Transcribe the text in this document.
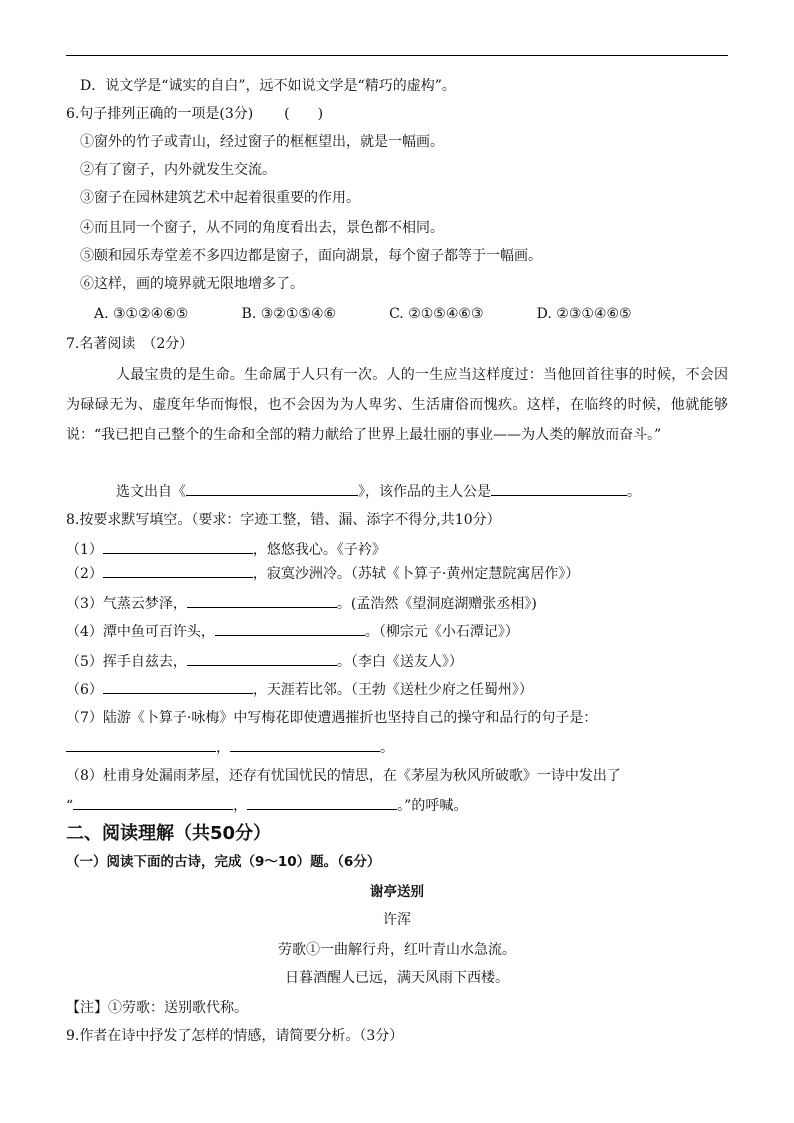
D．说文学是“诚实的自白”，远不如说文学是“精巧的虚构”。
6.句子排列正确的一项是(3分) (　　)
①窗外的竹子或青山，经过窗子的框框望出，就是一幅画。
②有了窗子，内外就发生交流。
③窗子在园林建筑艺术中起着很重要的作用。
④而且同一个窗子，从不同的角度看出去，景色都不相同。
⑤颐和园乐寿堂差不多四边都是窗子，面向湖景，每个窗子都等于一幅画。
⑥这样，画的境界就无限地增多了。
A. ③①②④⑥⑤	B. ③②①⑤④⑥	C. ②①⑤④⑥③	D. ②③①④⑥⑤
7.名著阅读　（2分）
人最宝贵的是生命。生命属于人只有一次。人的一生应当这样度过：当他回首往事的时候，不会因为碌碌无为、虚度年华而悔恨，也不会因为为人卑劣、生活庸俗而愧疚。这样，在临终的时候，他就能够说：“我已把自己整个的生命和全部的精力献给了世界上最壮丽的事业——为人类的解放而奋斗。”
选文出自《	》，该作品的主人公是	。
8.按要求默写填空。（要求：字迹工整，错、漏、添字不得分,共10分）
（1）	，悠悠我心。《子衿》
（2）	，寂寞沙洲冷。（苏轼《卜算子·黄州定慧院寓居作》）
（3）气蒸云梦泽，	。(孟浩然《望洞庭湖赠张丞相》)
（4）潭中鱼可百许头，	。（柳宗元《小石潭记》）
（5）挥手自兹去，	。（李白《送友人》）
（6）	，天涯若比邻。（王勃《送杜少府之任蜀州》）
（7）陆游《卜算子·咏梅》中写梅花即使遭遇摧折也坚持自己的操守和品行的句子是：
，	。
（8）杜甫身处漏雨茅屋，还存有忧国忧民的情思，在《茅屋为秋风所破歌》一诗中发出了
“	，	。”的呼喊。
二、阅读理解（共50分）
（一）阅读下面的古诗，完成（9～10）题。（6分）
谢亭送别
许浑
劳歌①一曲解行舟，红叶青山水急流。
日暮酒醒人已远，满天风雨下西楼。
【注】①劳歌：送别歌代称。
9.作者在诗中抒发了怎样的情感，请简要分析。（3分）
